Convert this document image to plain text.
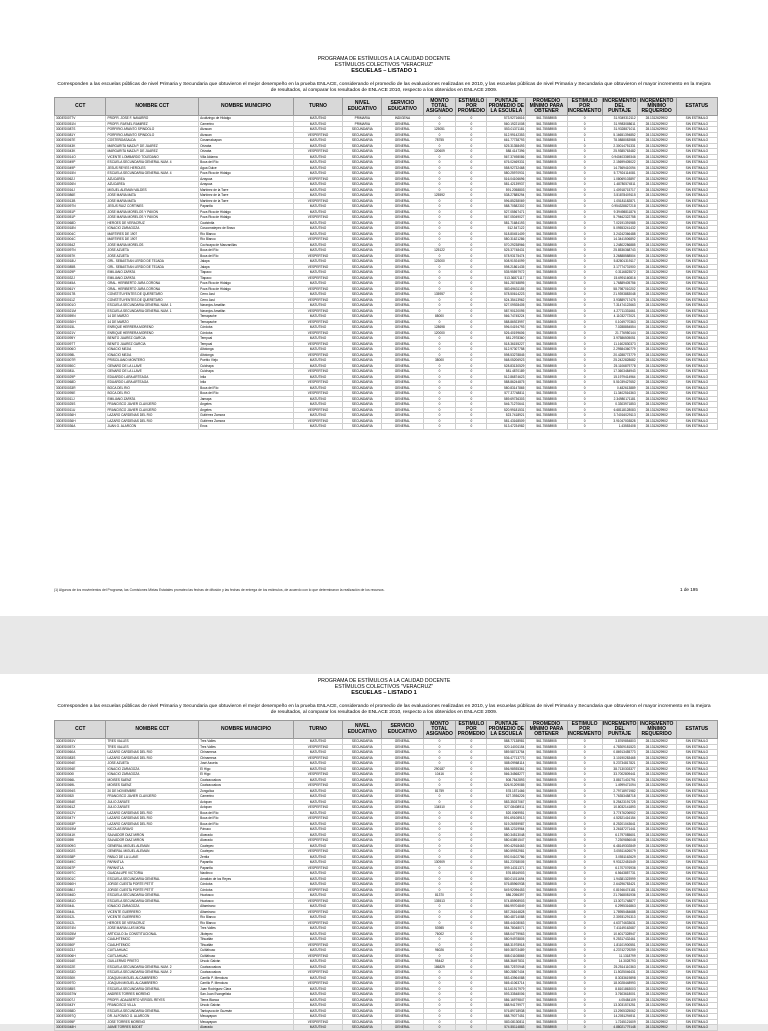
PROGRAMA DE ESTÍMULOS A LA CALIDAD DOCENTE
ESTÍMULOS COLECTIVOS "VERACRUZ"
ESCUELAS – LISTADO 1
Corresponden a las escuelas públicas de nivel Primaria y Secundaria que obtuvieron el mejor desempeño en la prueba ENLACE, considerando el promedio de las evaluaciones realizadas en 2010, y las escuelas públicas de nivel Primaria y Secundaria que obtuvieron el mayor incremento en la mejora de resultados, al comparar los resultados de ENLACE 2010, respecto a los obtenidos en ENLACE 2009.
CCT	NOMBRE CCT	NOMBRE MUNICIPIO	TURNO	NIVEL EDUCATIVO	SERVICIO EDUCATIVO	MONTO TOTAL ASIGNADO	ESTÍMULO POR PROMEDIO	PUNTAJE PROMEDIO DE LA ESCUELA	PROMEDIO MÍNIMO PARA OBTENER	ESTÍMULO POR INCREMENTO	INCREMENTO DEL PUNTAJE	INCREMENTO MÍNIMO REQUERIDO	ESTATUS
30DES0077V	PROFR. JOSE F. NAVARRO	Acultzingo de Hidalgo	MATUTINO	PRIMARIA	INDIGENA	0	0	573.92716616	561.75558905	0	31.9349312112	28.1312629902	SIN ESTÍMULO
30DES0051N	PROFR. RAFAEL RAMIREZ	Camerino	MATUTINO	PRIMARIA	GENERAL	0	0	560.19221008	561.75558905	0	31.9983088611	28.1312629902	SIN ESTÍMULO
30DES0087S	PORFIRIO ARANTO SPINDOLO	Atzacan	MATUTINO	SECUNDARIA	GENERAL	125051	0	553.01371181	561.75558905	0	31.9328871011	28.1312629902	SIN ESTÍMULO
30DES0081Y	PORFIRIO ARANTO SPINDOLO	Atzacan	VESPERTINO	SECUNDARIA	GENERAL	0	0	512.99142353	561.75558905	0	5.16651394852	28.1312629902	SIN ESTÍMULO
30DES0067E	COSTEÑOASALDA	Cosamaloapan	MATUTINO	SECUNDARIA	GENERAL	78755	0	661.77738793	561.75558905	1	78.0888083988	28.1312629902	SIN ESTÍMULO
30DES0043K	MARGARITA MAZA P. DE JUAREZ	Orizaba	MATUTINO	SECUNDARIA	GENERAL	0	0	525.31358493	561.75558905	0	2.30014751331	28.1312629902	SIN ESTÍMULO
30DES0043K	MARGARITA MAZA P. DE JUAREZ	Orizaba	VESPERTINO	SECUNDARIA	GENERAL	120609	0	588.4147396	561.75558905	0	25.9385763482	28.1312629902	SIN ESTÍMULO
30DES0014O	VICENTE LOMBARDO TOLEDANO	Villa Aldama	MATUTINO	SECUNDARIA	GENERAL	0	0	567.37498086	561.75558905	0	0.940403369346	28.1312629902	SIN ESTÍMULO
30DES0049P	ESCUELA SECUNDARIA GENERAL NUM. 4	Boca del Río	MATUTINO	SECUNDARIA	GENERAL	0	0	676.02469331	561.75558905	0	2.15699405022	28.1312629902	SIN ESTÍMULO
30DES0049P	JESUS REYES HEROLES	Agua Dulce	MATUTINO	SECUNDARIA	GENERAL	0	0	558.92732468	561.75558905	0	14.7569410094	28.1312629902	SIN ESTÍMULO
30DES0015N	ESCUELA SECUNDARIA GENERAL NUM. 4	Poza Rica de Hidalgo	MATUTINO	SECUNDARIA	GENERAL	0	0	580.25970931	561.75558905	0	5.77924114081	28.1312629902	SIN ESTÍMULO
30DES0062J	AZUCAREA	Azayuca	VESPERTINO	SECUNDARIA	GENERAL	0	0	516.04106696	561.75558905	0	1.08069103897	28.1312629902	SIN ESTÍMULO
30DES0026N	AZUCAREA	Azayuca	MATUTINO	SECUNDARIA	GENERAL	0	0	581.42139937	561.75558905	0	1.48780574511	28.1312629902	SIN ESTÍMULO
30DES0016J	MIGUEL ALEMAN VALDES	Martínez de la Torre	MATUTINO	SECUNDARIA	GENERAL	0	0	591.2058803	561.75558905	0	1.40918715717	28.1312629902	SIN ESTÍMULO
30DES0086E	JOSE MARIA MATA	Martínez de la Torre	MATUTINO	SECUNDARIA	GENERAL	125592	0	538.27885294	561.75558905	0	3.51878409115	28.1312629902	SIN ESTÍMULO
30DES0013B	JOSE MARIA MATA	Martínez de la Torre	VESPERTINO	SECUNDARIA	GENERAL	0	0	596.85238069	561.75558905	0	1.05181182871	28.1312629902	SIN ESTÍMULO
30DES0097N	JESUS RUIZ CORTINES	Papantla	MATUTINO	SECUNDARIA	GENERAL	0	0	588.70582302	561.75558905	0	0.954328827218	28.1312629902	SIN ESTÍMULO
30DES0051P	JOSE MARIA MORELOS Y PAVON	Poza Rica de Hidalgo	MATUTINO	SECUNDARIA	GENERAL	0	0	527.05567471	561.75558905	0	9.39498811876	28.1312629902	SIN ESTÍMULO
30DES0051P	JOSE MARIA MORELOS Y PAVON	Poza Rica de Hidalgo	VESPERTINO	SECUNDARIA	GENERAL	0	0	567.05049027	561.75558905	0	5.79462322758	28.1312629902	SIN ESTÍMULO
30DES0068D	HEROES DE VERACRUZ	Coatzintla	MATUTINO	SECUNDARIA	GENERAL	0	0	581.71684193	561.75558905	0	7.02191391985	28.1312629902	SIN ESTÍMULO
30DES0018N	IGNACIO ZARAGOZA	Coscomatepec de Bravo	MATUTINO	SECUNDARIA	GENERAL	0	0	512.547122	561.75558905	0	5.09553241432	28.1312629902	SIN ESTÍMULO
30DES0004C	MARTIRES DE 1907	Río Blanco	MATUTINO	SECUNDARIA	GENERAL	0	0	518.80451409	561.75558905	0	3.24242366488	28.1312629902	SIN ESTÍMULO
30DES0004C	MARTIRES DE 1907	Río Blanco	VESPERTINO	SECUNDARIA	GENERAL	0	0	580.31621286	561.75558905	0	14.3441506892	28.1312629902	SIN ESTÍMULO
30DES0054Z	JOSE MARIA MORELOS	Cochoapa de Manzanillas	MATUTINO	SECUNDARIA	GENERAL	0	0	570.29238966	561.75558905	0	1.24802286885	28.1312629902	SIN ESTÍMULO
30DES0097N	JOSE AZUETA	Boca del Río	MATUTINO	SECUNDARIA	GENERAL	125122	0	525.37748431	561.75558905	0	25.8536368743	28.1312629902	SIN ESTÍMULO
30DES0057K	JOSE AZUETA	Boca del Río	VESPERTINO	SECUNDARIA	GENERAL	0	0	578.93175474	561.75558905	0	3.26888588504	28.1312629902	SIN ESTÍMULO
30DES0018U	GRL. SEBASTIAN LERDO DE TEJADA	Jalapa	MATUTINO	SECUNDARIA	GENERAL	123000	0	508.91924099	561.75558905	0	5.82801319117	28.1312629902	SIN ESTÍMULO
30DES0085B	GRL. SEBASTIAN LERDO DE TEJADA	Jalapa	VESPERTINO	SECUNDARIA	GENERAL	0	0	598.21861435	561.75558905	0	3.17774731900	28.1312629902	SIN ESTÍMULO
30DES0029P	EMILIANO ZAPATA	Tlapaco	MATUTINO	SECUNDARIA	GENERAL	0	0	535.95597972	561.75558905	0	0.3116823572	28.1312629902	SIN ESTÍMULO
30DES0032J	EMILIANO ZAPATA	Tlapaco	VESPERTINO	SECUNDARIA	GENERAL	0	0	513.36871117	561.75558905	0	15.6991160816	28.1312629902	SIN ESTÍMULO
30DES0045A	GRAL. HERIBERTO JARA CORONA	Poza Rica de Hidalgo	MATUTINO	SECUNDARIA	GENERAL	0	0	561.28748895	561.75558905	0	1.76889405756	28.1312629902	SIN ESTÍMULO
30DES0061Y	GRAL. HERIBERTO JARA CORONA	Poza Rica de Hidalgo	VESPERTINO	SECUNDARIA	GENERAL	0	0	583.69631155	561.75558905	0	58.7987010202	28.1312629902	SIN ESTÍMULO
30DES0017B	CONSTITUYENTES DE QUERETARO	Cerro Azul	MATUTINO	SECUNDARIA	GENERAL	135957	0	578.50614223	561.75558905	0	21.9393883048	28.1312629902	SIN ESTÍMULO
30DES0011Z	CONSTITUYENTES DE QUERETARO	Cerro Azul	VESPERTINO	SECUNDARIA	GENERAL	0	0	524.35413962	561.75558905	0	3.93889717475	28.1312629902	SIN ESTÍMULO
30DES0001O	ESCUELA SECUNDARIA GENERAL NUM. 1	Naranjos Amatlán	MATUTINO	SECUNDARIA	GENERAL	0	0	527.09928405	561.75558905	0	7.31474122663	28.1312629902	SIN ESTÍMULO
30DES0021M	ESCUELA SECUNDARIA GENERAL NUM. 1	Naranjos Amatlán	VESPERTINO	SECUNDARIA	GENERAL	0	0	587.90120095	561.75558905	0	4.27711331661	28.1312629902	SIN ESTÍMULO
30DES0059N	14 DE MARZO	Temapache	MATUTINO	SECUNDARIA	GENERAL	88000	0	566.74745224	561.75558905	0	4.11032772021	28.1312629902	SIN ESTÍMULO
30DES0030H	14 DE MARZO	Temapache	VESPERTINO	SECUNDARIA	GENERAL	0	0	588.86923997	561.75558905	0	0.1049770363	28.1312629902	SIN ESTÍMULO
30DES0015L	ENRIQUE HERRERA MORENO	Córdoba	MATUTINO	SECUNDARIA	GENERAL	128698	0	596.04194793	561.75558905	0	7.0288854554	28.1312629902	SIN ESTÍMULO
30DES0021V	ENRIQUE HERRERA MORENO	Córdoba	VESPERTINO	SECUNDARIA	GENERAL	120000	0	526.40199606	561.75558905	0	21.776950144	28.1312629902	SIN ESTÍMULO
30DES0095Y	BENITO JUAREZ GARCIA	Tempoal	MATUTINO	SECUNDARIA	GENERAL	0	0	581.2978360	561.75558905	0	3.97586505051	28.1312629902	SIN ESTÍMULO
30DES0097T	BENITO JUAREZ GARCIA	Tempoal	VESPERTINO	SECUNDARIA	GENERAL	0	0	518.36155227	561.75558905	0	11.1602830373	28.1312629902	SIN ESTÍMULO
30DES0006O	IGNACIO MEJIA	Altotonga	MATUTINO	SECUNDARIA	GENERAL	0	0	512.97307758	561.75558905	0	2.29584360779	28.1312629902	SIN ESTÍMULO
30DES0098L	IGNACIO MEJIA	Altotonga	VESPERTINO	SECUNDARIA	GENERAL	0	0	598.53278845	561.75558905	0	20.4288773779	28.1312629902	SIN ESTÍMULO
30DES0007R	PRISCILIANO MONTERO	Pueblo Viejo	MATUTINO	SECUNDARIA	GENERAL	38000	0	568.05206923	561.75558905	0	25.2422828682	28.1312629902	SIN ESTÍMULO
30DES0050C	GENARO DE LA LLAVE	Cuichapa	MATUTINO	SECUNDARIA	GENERAL	0	0	528.83130529	561.75558905	0	25.1106879778	28.1312629902	SIN ESTÍMULO
30DES0081L	GENARO DE LA LLAVE	Cuichapa	VESPERTINO	SECUNDARIA	GENERAL	0	0	581.4870189	561.75558905	0	17.3603484943	28.1312629902	SIN ESTÍMULO
30DES0029P	EDUARDO LARA ARTEAGA	Ixtla	MATUTINO	SECUNDARIA	GENERAL	0	0	512.86874623	561.75558905	0	15.1979414964	28.1312629902	SIN ESTÍMULO
30DES0068D	EDUARDO LARA ARTEAGA	Ixtla	VESPERTINO	SECUNDARIA	GENERAL	0	0	588.86244875	561.75558905	0	5.51039427652	28.1312629902	SIN ESTÍMULO
30DES0033R	BOCA DEL RIO	Boca del Río	MATUTINO	SECUNDARIA	GENERAL	0	0	580.83147865	561.75558905	0	0.482613889	28.1312629902	SIN ESTÍMULO
30DES0095E	BOCA DEL RIO	Boca del Río	VESPERTINO	SECUNDARIA	GENERAL	0	0	577.37748811	561.75558905	0	11.3402516363	28.1312629902	SIN ESTÍMULO
30DES0011J	EMILIANO ZAPATA	Jamapa	MATUTINO	SECUNDARIA	GENERAL	0	0	589.69736303	561.75558905	0	2.34980171181	28.1312629902	SIN ESTÍMULO
30DES0025S	FRANCISCO JAVIER CLAVIJERO	Ángeles	MATUTINO	SECUNDARIA	GENERAL	0	0	546.71270641	561.75558905	0	0.3303971853	28.1312629902	SIN ESTÍMULO
30DES0011U	FRANCISCO JAVIER CLAVIJERO	Ángeles	VESPERTINO	SECUNDARIA	GENERAL	0	0	520.99181531	561.75558905	0	6.68118128083	28.1312629902	SIN ESTÍMULO
30DES0036H	LAZARO CARDENAS DEL RIO	Gutiérrez Zamora	MATUTINO	SECUNDARIA	GENERAL	0	0	523.7418921	561.75558905	0	3.74016029113	28.1312629902	SIN ESTÍMULO
30DES0036H	LAZARO CARDENAS DEL RIO	Gutiérrez Zamora	VESPERTINO	SECUNDARIA	GENERAL	0	0	581.43168509	561.75558905	0	3.91047003828	28.1312629902	SIN ESTÍMULO
30DES0036A	JUAN G. ALARCON	Enos	MATUTINO	SECUNDARIA	GENERAL	0	0	513.47234982	561.75558905	0	1.43553408	28.1312629902	SIN ESTÍMULO
(1) Algunos de los movimientos del Programa, las Comisiones Mixtas Estatales prorrateo las fechas de difusión y las fechas de entrega de los estímulos, de acuerdo con lo que determinaron la realización de los recursos.	1 de 195
PROGRAMA DE ESTÍMULOS A LA CALIDAD DOCENTE
ESTÍMULOS COLECTIVOS "VERACRUZ"
ESCUELAS – LISTADO 1
Corresponden a las escuelas públicas de nivel Primaria y Secundaria que obtuvieron el mejor desempeño en la prueba ENLACE, considerando el promedio de las evaluaciones realizadas en 2010, y las escuelas públicas de nivel Primaria y Secundaria que obtuvieron el mayor incremento en la mejora de resultados, al comparar los resultados de ENLACE 2010, respecto a los obtenidos en ENLACE 2009.
CCT	NOMBRE CCT	NOMBRE MUNICIPIO	TURNO	NIVEL EDUCATIVO	SERVICIO EDUCATIVO	MONTO TOTAL ASIGNADO	ESTÍMULO POR PROMEDIO	PUNTAJE PROMEDIO DE LA ESCUELA	PROMEDIO MÍNIMO PARA OBTENER	ESTÍMULO POR INCREMENTO	INCREMENTO DEL PUNTAJE	INCREMENTO MÍNIMO REQUERIDO	ESTATUS
30DES0051V	TRES VALLES	Tres Valles	MATUTINO	SECUNDARIA	GENERAL	0	0	588.77138981	561.75558905	0	3.8769854803	28.1312629902	SIN ESTÍMULO
30DES0057X	TRES VALLES	Tres Valles	VESPERTINO	SECUNDARIA	GENERAL	0	0	520.14001154	561.75558905	0	4.78309181523	28.1312629902	SIN ESTÍMULO
30DES0060A	LAZARO CARDENAS DEL RIO	Chinameca	MATUTINO	SECUNDARIA	GENERAL	0	0	589.58713754	561.75558905	0	0.86913455773	28.1312629902	SIN ESTÍMULO
30DES0083S	LAZARO CARDENAS DEL RIO	Chinameca	VESPERTINO	SECUNDARIA	GENERAL	0	0	536.47713773	561.75558905	0	3.10190283465	28.1312629902	SIN ESTÍMULO
30DES0094E	JOSE AZUETA	José Azueta	MATUTINO	SECUNDARIA	GENERAL	0	0	588.09968114	561.75558905	0	5.23734817821	28.1312629902	SIN ESTÍMULO
30DES0094E	IGNACIO ZARAGOZA	El Higo	MATUTINO	SECUNDARIA	GENERAL	290187	0	556.98935361	561.75558905	0	38.7130303377	28.1312629902	SIN ESTÍMULO
30DES0000I	IGNACIO ZARAGOZA	El Higo	VESPERTINO	SECUNDARIA	GENERAL	10416	0	566.34568277	561.75558905	0	33.7002809441	28.1312629902	SIN ESTÍMULO
30DES0066L	MOISES SAENZ	Coatzacoalcos	MATUTINO	SECUNDARIA	GENERAL	0	0	508.7542893	561.75558905	0	3.88171401791	28.1312629902	SIN ESTÍMULO
30DES0069L	MOISES SAENZ	Coatzacoalcos	VESPERTINO	SECUNDARIA	GENERAL	0	0	526.91209085	561.75558905	0	1.4999471094	28.1312629902	SIN ESTÍMULO
30DES0094S	20 DE NOVIEMBRE	Zongolica	MATUTINO	SECUNDARIA	GENERAL	81759	0	578.1571466	561.75558905	0	2.79718971982	28.1312629902	SIN ESTÍMULO
30DES0052I	FRANCISCO JAVIER CLAVIJERO	Camerino	MATUTINO	SECUNDARIA	GENERAL	0	0	527.3936226	561.75558905	0	7.76353458718	28.1312629902	SIN ESTÍMULO
30DES0054E	JULIO ZARATE	Actopan	MATUTINO	SECUNDARIA	GENERAL	0	0	583.35037067	561.75558905	0	5.25423191725	28.1312629902	SIN ESTÍMULO
30DES0061Z	JULIO ZARATE	Actopan	VESPERTINO	SECUNDARIA	GENERAL	134510	0	527.08408911	561.75558905	0	10.8032141893	28.1312629902	SIN ESTÍMULO
30DES0012V	LAZARO CARDENAS DEL RIO	Boca del Río	MATUTINO	SECUNDARIA	GENERAL	0	0	520.0069951	561.75558905	0	3.77476206902	28.1312629902	SIN ESTÍMULO
30DES0047Y	LAZARO CARDENAS DEL RIO	Boca del Río	VESPERTINO	SECUNDARIA	GENERAL	0	0	591.69108913	561.75558905	0	4.52521416154	28.1312629902	SIN ESTÍMULO
30DES0053P	LAZARO CARDENAS DEL RIO	Boca del Río	MATUTINO	SECUNDARIA	GENERAL	0	0	519.26939987	561.75558905	0	8.25201043641	28.1312629902	SIN ESTÍMULO
30DES0019M	NICOLAS BRAVO	Pánuco	MATUTINO	SECUNDARIA	GENERAL	0	0	588.12319964	561.75558905	0	3.26187271441	28.1312629902	SIN ESTÍMULO
30DES0041K	SALVADOR DIAZ MIRON	Alvarado	MATUTINO	SECUNDARIA	GENERAL	0	0	580.34513048	561.75558905	0	6.1797085601	28.1312629902	SIN ESTÍMULO
30DES0059I	SALVADOR DIAZ MIRON	Alvarado	VESPERTINO	SECUNDARIA	GENERAL	0	0	580.63891547	561.75558905	0	7.2309856048	28.1312629902	SIN ESTÍMULO
30DES0009G	GENERAL MIGUEL ALEMAN	Coatepec	MATUTINO	SECUNDARIA	GENERAL	0	0	590.42918463	561.75558905	0	6.48149302849	28.1312629902	SIN ESTÍMULO
30DES0002S	GENERAL MIGUEL ALEMAN	Coatepec	VESPERTINO	SECUNDARIA	GENERAL	0	0	580.59932981	561.75558905	0	3.05511626079	28.1312629902	SIN ESTÍMULO
30DES0038P	PABLO DE LA LLAVE	Zentla	MATUTINO	SECUNDARIA	GENERAL	0	0	592.04102786	561.75558905	0	3.0551162629	28.1312629902	SIN ESTÍMULO
30DES0049C	PAPANTLA	Papantla	MATUTINO	SECUNDARIA	GENERAL	130909	0	581.23768005	561.75558905	0	9.93122451549	28.1312629902	SIN ESTÍMULO
30DES0067P	PAPANTLA	Papantla	VESPERTINO	SECUNDARIA	GENERAL	0	0	599.14311371	561.75558905	0	6.1707076936	28.1312629902	SIN ESTÍMULO
30DES0097C	GUADALUPE VICTORIA	Naolinco	MATUTINO	SECUNDARIA	GENERAL	0	0	576.8516903	561.75558905	0	6.5643857731	28.1312629902	SIN ESTÍMULO
30DES0001C	ESCUELA SECUNDARIA GENERAL	Amatlán de los Reyes	MATUTINO	SECUNDARIA	GENERAL	0	0	580.01011694	561.75558905	0	1.94381323999	28.1312629902	SIN ESTÍMULO
30DES0060H	JORGE CUESTA PORTE PETIT	Córdoba	MATUTINO	SECUNDARIA	GENERAL	0	0	576.85960938	561.75558905	0	2.64296783421	28.1312629902	SIN ESTÍMULO
30DES0080J	JORGE CUESTA PORTE PETIT	Córdoba	VESPERTINO	SECUNDARIA	GENERAL	0	0	549.92096453	561.75558905	0	0.81946474181	28.1312629902	SIN ESTÍMULO
30DES0046D	ESCUELA SECUNDARIA GENERAL	Huatusco	MATUTINO	SECUNDARIA	GENERAL	81370	0	586.2056397	561.75558905	0	21.7668081936	28.1312629902	SIN ESTÍMULO
30DES0081D	ESCUELA SECUNDARIA GENERAL	Huatusco	VESPERTINO	SECUNDARIA	GENERAL	135513	0	574.85908903	561.75558905	0	13.3071748877	28.1312629902	SIN ESTÍMULO
30DES0044L	IGNACIO ZARAGOZA	Altamirano	MATUTINO	SECUNDARIA	GENERAL	0	0	586.99704849	561.75558905	0	6.2995316863	28.1312629902	SIN ESTÍMULO
30DES0044L	VICENTE GUERRERO	Altamirano	VESPERTINO	SECUNDARIA	GENERAL	0	0	587.26164828	561.75558905	0	1.78955484688	28.1312629902	SIN ESTÍMULO
30DES0012L	VICENTE GUERRERO	Río Blanco	MATUTINO	SECUNDARIA	GENERAL	0	0	580.48714088	561.75558905	0	2.30931291313	28.1312629902	SIN ESTÍMULO
30DES0012L	HEROES DE VERACRUZ	Río Blanco	VESPERTINO	SECUNDARIA	GENERAL	0	0	585.44108063	561.75558905	0	4.63774633631	28.1312629902	SIN ESTÍMULO
30DES0074N	JOSE MARIA LUIS MORA	Tres Valles	MATUTINO	SECUNDARIA	GENERAL	53985	0	584.78048071	561.75558905	0	7.41149162687	28.1312629902	SIN ESTÍMULO
30DES0025M	ARTICULO 3o CONSTITUCIONAL	Jilotepec	MATUTINO	SECUNDARIA	GENERAL	76002	0	588.04779963	561.75558905	0	10.6017328947	28.1312629902	SIN ESTÍMULO
30DES0050F	CUAUHTEMOC	Tihuatlán	MATUTINO	SECUNDARIA	GENERAL	0	0	580.94978805	561.75558905	0	9.25317432461	28.1312629902	SIN ESTÍMULO
30DES0050F	CUAUHTEMOC	Tihuatlán	VESPERTINO	SECUNDARIA	GENERAL	0	0	588.31978918	561.75558905	0	1.81101900551	28.1312629902	SIN ESTÍMULO
30DES0023J	CUITLAHUAC	Cuitláhuac	MATUTINO	SECUNDARIA	GENERAL	96026	0	569.38703489	561.75558905	0	4.23742729259	28.1312629902	SIN ESTÍMULO
30DES0006H	CUITLAHUAC	Cuitláhuac	VESPERTINO	SECUNDARIA	GENERAL	0	0	588.01108865	561.75558905	0	11.1318799	28.1312629902	SIN ESTÍMULO
30DES0016E	GUILLERMO PRIETO	Úrsulo Galván	MATUTINO	SECUNDARIA	GENERAL	95442	0	588.36497831	561.75558905	0	14.3028793	28.1312629902	SIN ESTÍMULO
30DES0022E	ESCUELA SECUNDARIA GENERAL NUM. 2	Coatzacoalcos	MATUTINO	SECUNDARIA	GENERAL	186829	0	585.72570948	561.75558905	0	25.2514110363	28.1312629902	SIN ESTÍMULO
30DES0033D	ESCUELA SECUNDARIA GENERAL NUM. 2	Coatzacoalcos	VESPERTINO	SECUNDARIA	GENERAL	0	0	580.28507404	561.75558905	0	11.5025046431	28.1312629902	SIN ESTÍMULO
30DES0030K	JOAQUIN MIGUEL ALCAMBRERO	Carrillo P. Mendoza	MATUTINO	SECUNDARIA	GENERAL	0	0	583.43964088	561.75558905	0	8.3033619898	28.1312629902	SIN ESTÍMULO
30DES0097D	JOAQUIN MIGUEL ALCAMBRERO	Carrillo P. Mendoza	VESPERTINO	SECUNDARIA	GENERAL	0	0	565.41063714	561.75558905	0	18.0028448993	28.1312629902	SIN ESTÍMULO
30DES0085S	ESCUELA SECUNDARIA GENERAL	Juan Rodríguez Clara	MATUTINO	SECUNDARIA	GENERAL	0	0	513.61917979	561.75558905	0	8.8101863003	28.1312629902	SIN ESTÍMULO
30DES0037W	ANDRES TORRES MORENO	San Juan Evangelista	MATUTINO	SECUNDARIA	GENERAL	0	0	593.33548006	561.75558905	0	3.7603618001	28.1312629902	SIN ESTÍMULO
30DES0007J	PROFR. ADALBERTO VERGEL REYES	Tierra Blanca	MATUTINO	SECUNDARIA	GENERAL	0	0	586.16979847	561.75558905	0	4.05484109	28.1312629902	SIN ESTÍMULO
30DES0043Y	FRANCISCO VILLA	Úrsulo Galván	MATUTINO	SECUNDARIA	GENERAL	0	0	588.94179977	561.75558905	0	13.3031574251	28.1312629902	SIN ESTÍMULO
30DES0058D	ESCUELA SECUNDARIA GENERAL	Tantoyuca de Guzmán	MATUTINO	SECUNDARIA	GENERAL	0	0	576.89718938	561.75558905	0	13.2905325062	28.1312629902	SIN ESTÍMULO
30DES0097Q	DR. ALFONSO G. ALARCON	Mecayapan	MATUTINO	SECUNDARIA	GENERAL	0	0	588.79077451	561.75558905	0	14.2051294911	28.1312629902	SIN ESTÍMULO
30DES0095F	JOSE TORRES MORENO	Mecayapan	VESPERTINO	SECUNDARIA	GENERAL	0	0	583.08130811	561.75558905	0	1.7245121609	28.1312629902	SIN ESTÍMULO
30DES0048H	JAIME TORRES BODET	Alvarado	MATUTINO	SECUNDARIA	GENERAL	0	0	574.55114883	561.75558905	0	4.88021779148	28.1312629902	SIN ESTÍMULO
